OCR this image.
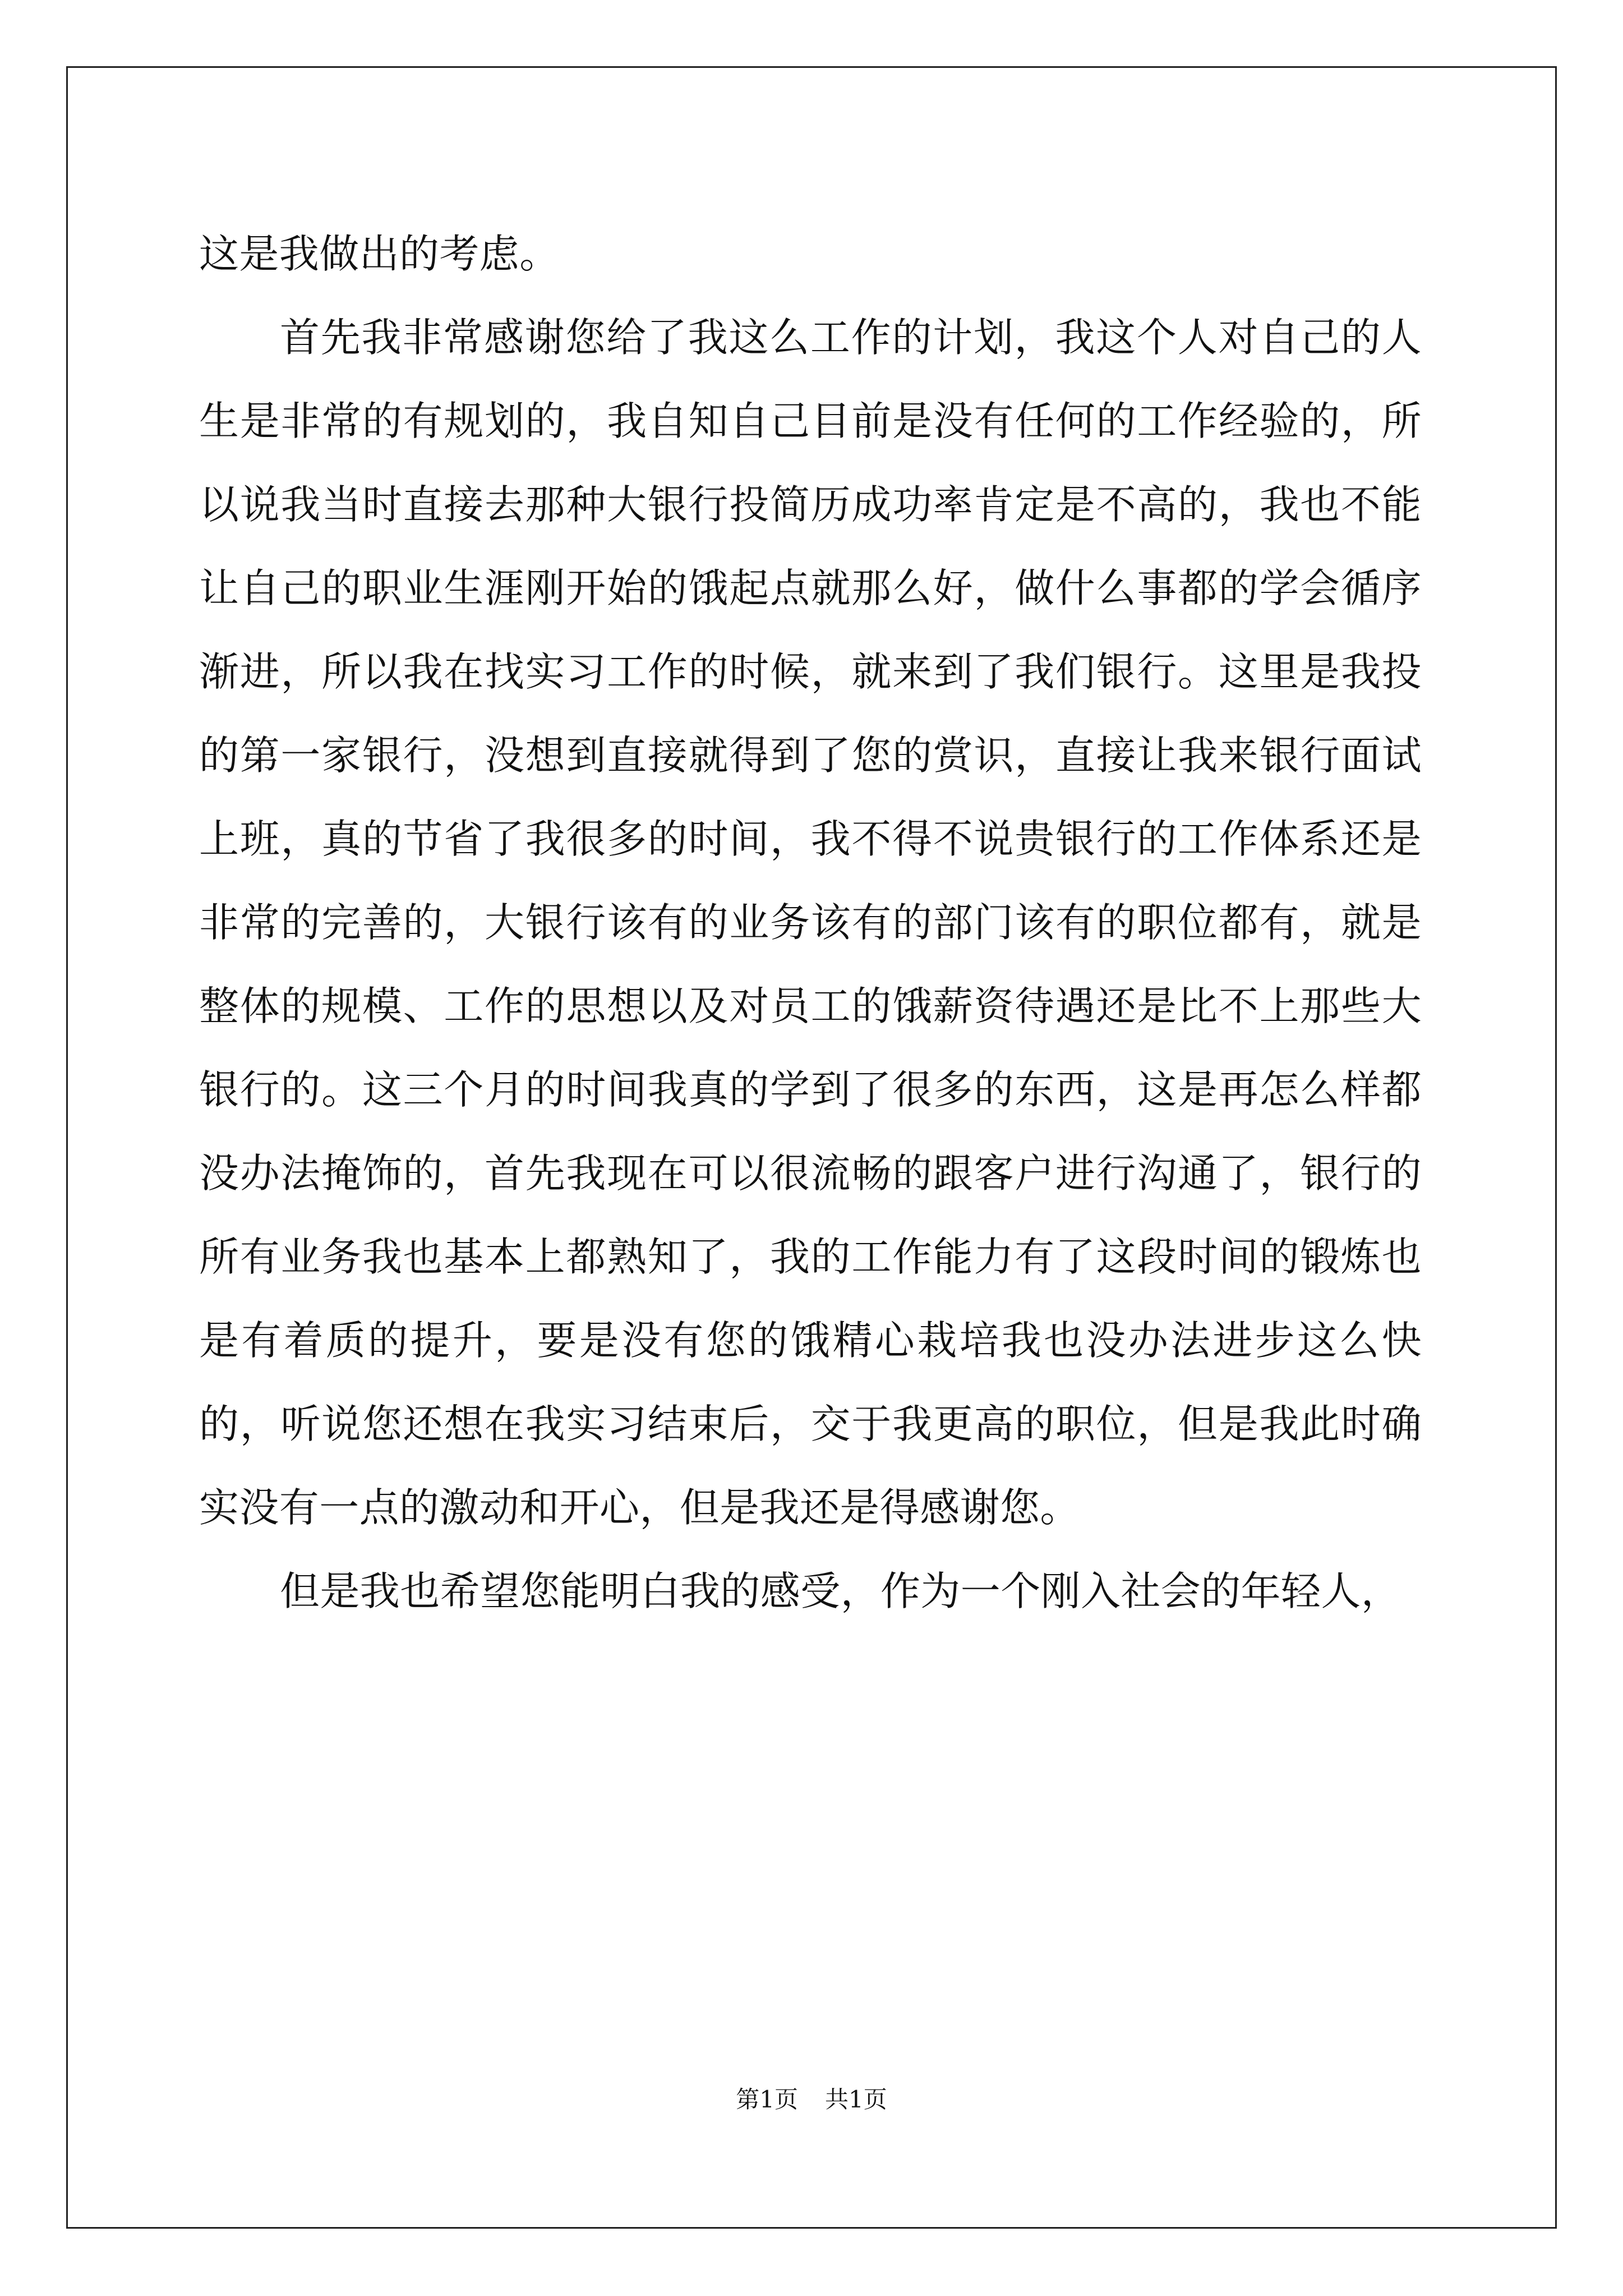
这是我做出的考虑。

首先我非常感谢您给了我这么工作的计划，我这个人对自己的人生是非常的有规划的，我自知自己目前是没有任何的工作经验的，所以说我当时直接去那种大银行投简历成功率肯定是不高的，我也不能让自己的职业生涯刚开始的饿起点就那么好，做什么事都的学会循序渐进，所以我在找实习工作的时候，就来到了我们银行。这里是我投的第一家银行，没想到直接就得到了您的赏识，直接让我来银行面试上班，真的节省了我很多的时间，我不得不说贵银行的工作体系还是非常的完善的，大银行该有的业务该有的部门该有的职位都有，就是整体的规模、工作的思想以及对员工的饿薪资待遇还是比不上那些大银行的。这三个月的时间我真的学到了很多的东西，这是再怎么样都没办法掩饰的，首先我现在可以很流畅的跟客户进行沟通了，银行的所有业务我也基本上都熟知了，我的工作能力有了这段时间的锻炼也是有着质的提升，要是没有您的饿精心栽培我也没办法进步这么快的，听说您还想在我实习结束后，交于我更高的职位，但是我此时确实没有一点的激动和开心，但是我还是得感谢您。

但是我也希望您能明白我的感受，作为一个刚入社会的年轻人，

第1页 共1页
